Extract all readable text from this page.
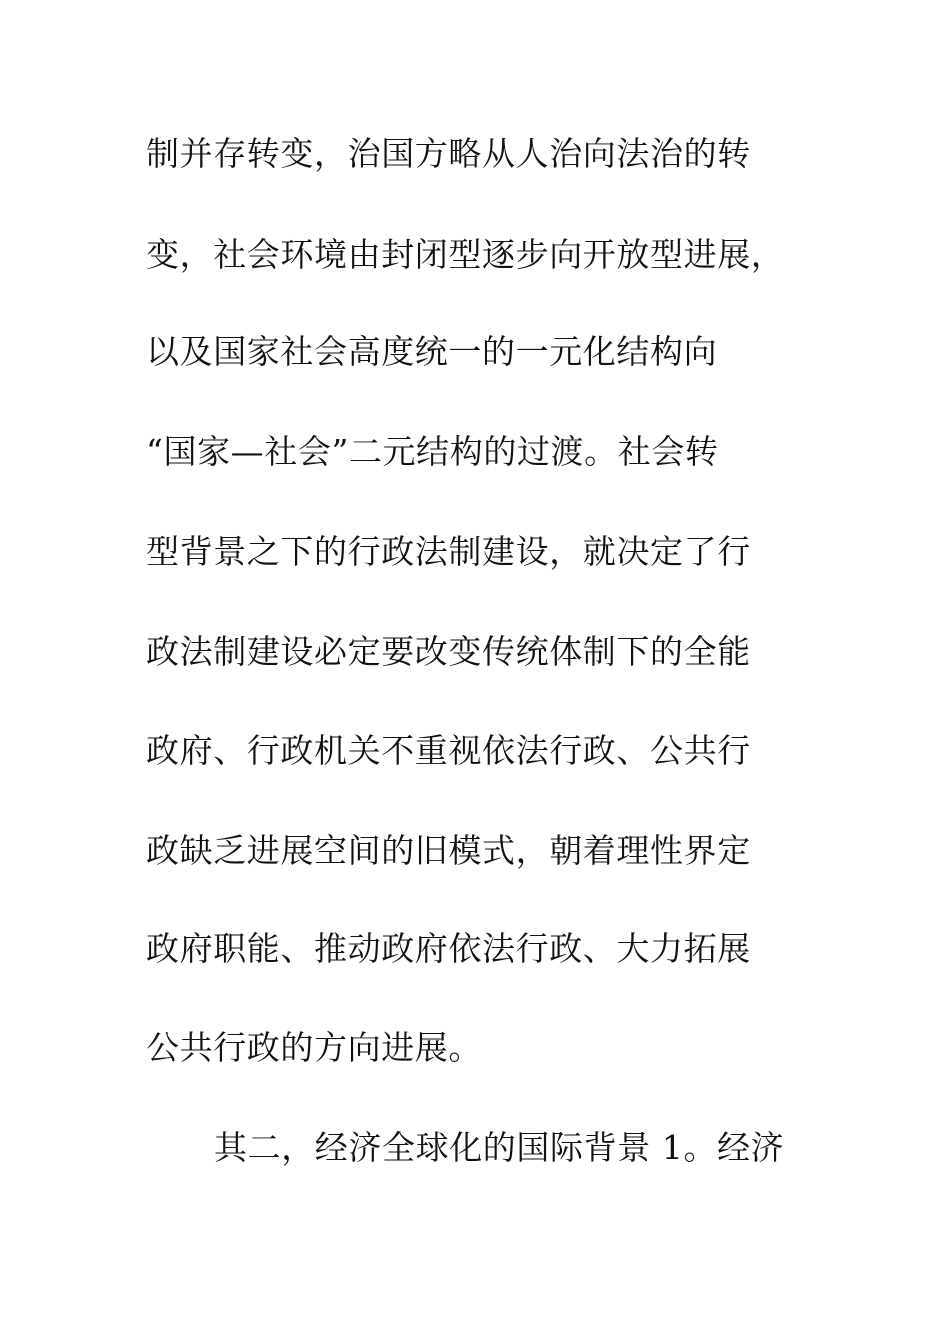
制并存转变，治国方略从人治向法治的转
变，社会环境由封闭型逐步向开放型进展，
以及国家社会高度统一的一元化结构向
“国家—社会”二元结构的过渡。社会转
型背景之下的行政法制建设，就决定了行
政法制建设必定要改变传统体制下的全能
政府、行政机关不重视依法行政、公共行
政缺乏进展空间的旧模式，朝着理性界定
政府职能、推动政府依法行政、大力拓展
公共行政的方向进展。
其二，经济全球化的国际背景 1。经济
